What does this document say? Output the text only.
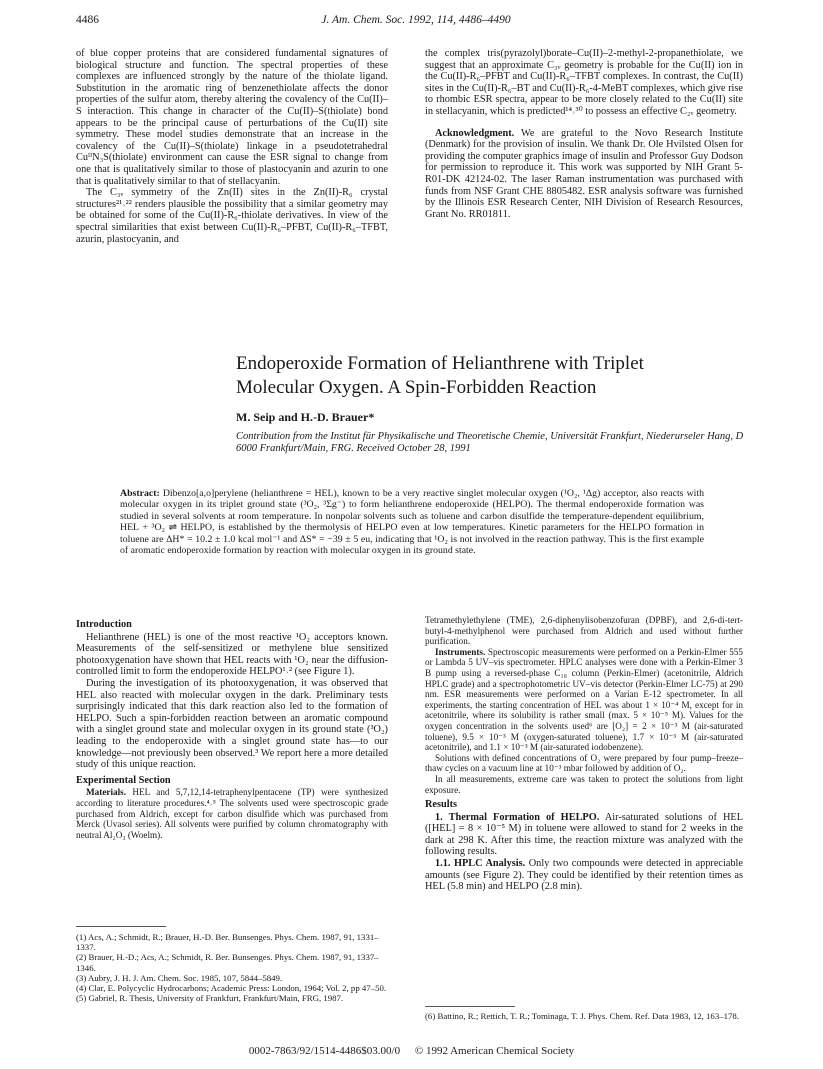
4486	J. Am. Chem. Soc. 1992, 114, 4486–4490

of blue copper proteins that are considered fundamental signatures of biological structure and function. The spectral properties of these complexes are influenced strongly by the nature of the thiolate ligand. Substitution in the aromatic ring of benzenethiolate affects the donor properties of the sulfur atom, thereby altering the covalency of the Cu(II)–S interaction. This change in character of the Cu(II)–S(thiolate) bond appears to be the principal cause of perturbations of the Cu(II) site symmetry. These model studies demonstrate that an increase in the covalency of the Cu(II)–S(thiolate) linkage in a pseudotetrahedral CuᴵᴵN₃S(thiolate) environment can cause the ESR signal to change from one that is qualitatively similar to those of plastocyanin and azurin to one that is qualitatively similar to that of stellacyanin.

The C₃ᵥ symmetry of the Zn(II) sites in the Zn(II)-R₆ crystal structures²¹˒²² renders plausible the possibility that a similar geometry may be obtained for some of the Cu(II)-R₆-thiolate derivatives. In view of the spectral similarities that exist between Cu(II)-R₆–PFBT, Cu(II)-R₆–TFBT, azurin, plastocyanin, and

the complex tris(pyrazolyl)borate–Cu(II)–2-methyl-2-propanethiolate, we suggest that an approximate C₃ᵥ geometry is probable for the Cu(II) ion in the Cu(II)-R₆–PFBT and Cu(II)-R₆–TFBT complexes. In contrast, the Cu(II) sites in the Cu(II)-R₆–BT and Cu(II)-R₆-4-MeBT complexes, which give rise to rhombic ESR spectra, appear to be more closely related to the Cu(II) site in stellacyanin, which is predicted¹⁴˒³⁰ to possess an effective C₂ᵥ geometry.

Acknowledgment. We are grateful to the Novo Research Institute (Denmark) for the provision of insulin. We thank Dr. Ole Hvilsted Olsen for providing the computer graphics image of insulin and Professor Guy Dodson for permission to reproduce it. This work was supported by NIH Grant 5-R01-DK 42124-02. The laser Raman instrumentation was purchased with funds from NSF Grant CHE 8805482. ESR analysis software was furnished by the Illinois ESR Research Center, NIH Division of Research Resources, Grant No. RR01811.

Endoperoxide Formation of Helianthrene with Triplet
Molecular Oxygen. A Spin-Forbidden Reaction
M. Seip and H.-D. Brauer*
Contribution from the Institut für Physikalische und Theoretische Chemie, Universität Frankfurt, Niederurseler Hang, D 6000 Frankfurt/Main, FRG. Received October 28, 1991
Abstract: Dibenzo[a,o]perylene (helianthrene = HEL), known to be a very reactive singlet molecular oxygen (¹O₂, ¹Δg) acceptor, also reacts with molecular oxygen in its triplet ground state (³O₂, ³Σg⁻) to form helianthrene endoperoxide (HELPO). The thermal endoperoxide formation was studied in several solvents at room temperature. In nonpolar solvents such as toluene and carbon disulfide the temperature-dependent equilibrium, HEL + ³O₂ ⇌ HELPO, is established by the thermolysis of HELPO even at low temperatures. Kinetic parameters for the HELPO formation in toluene are ΔH* = 10.2 ± 1.0 kcal mol⁻¹ and ΔS* = −39 ± 5 eu, indicating that ¹O₂ is not involved in the reaction pathway. This is the first example of aromatic endoperoxide formation by reaction with molecular oxygen in its ground state.
Introduction

Helianthrene (HEL) is one of the most reactive ¹O₂ acceptors known. Measurements of the self-sensitized or methylene blue sensitized photooxygenation have shown that HEL reacts with ¹O₂ near the diffusion-controlled limit to form the endoperoxide HELPO¹˒² (see Figure 1).

During the investigation of its photooxygenation, it was observed that HEL also reacted with molecular oxygen in the dark. Preliminary tests surprisingly indicated that this dark reaction also led to the formation of HELPO. Such a spin-forbidden reaction between an aromatic compound with a singlet ground state and molecular oxygen in its ground state (³O₂) leading to the endoperoxide with a singlet ground state has—to our knowledge—not previously been observed.³ We report here a more detailed study of this unique reaction.

Experimental Section

Materials. HEL and 5,7,12,14-tetraphenylpentacene (TP) were synthesized according to literature procedures.⁴˒⁵ The solvents used were spectroscopic grade purchased from Aldrich, except for carbon disulfide which was purchased from Merck (Uvasol series). All solvents were purified by column chromatography with neutral Al₂O₃ (Woelm).

Tetramethylethylene (TME), 2,6-diphenylisobenzofuran (DPBF), and 2,6-di-tert-butyl-4-methylphenol were purchased from Aldrich and used without further purification.

Instruments. Spectroscopic measurements were performed on a Perkin-Elmer 555 or Lambda 5 UV–vis spectrometer. HPLC analyses were done with a Perkin-Elmer 3 B pump using a reversed-phase C₁₈ column (Perkin-Elmer) (acetonitrile, Aldrich HPLC grade) and a spectrophotometric UV–vis detector (Perkin-Elmer LC-75) at 290 nm. ESR measurements were performed on a Varian E-12 spectrometer. In all experiments, the starting concentration of HEL was about 1 × 10⁻⁴ M, except for in acetonitrile, where its solubility is rather small (max. 5 × 10⁻⁵ M). Values for the oxygen concentration in the solvents used⁶ are [O₂] = 2 × 10⁻³ M (air-saturated toluene), 9.5 × 10⁻³ M (oxygen-saturated toluene), 1.7 × 10⁻³ M (air-saturated acetonitrile), and 1.1 × 10⁻³ M (air-saturated iodobenzene).

Solutions with defined concentrations of O₂ were prepared by four pump–freeze–thaw cycles on a vacuum line at 10⁻³ mbar followed by addition of O₂.

In all measurements, extreme care was taken to protect the solutions from light exposure.

Results

1. Thermal Formation of HELPO. Air-saturated solutions of HEL ([HEL] = 8 × 10⁻⁵ M) in toluene were allowed to stand for 2 weeks in the dark at 298 K. After this time, the reaction mixture was analyzed with the following results.

1.1. HPLC Analysis. Only two compounds were detected in appreciable amounts (see Figure 2). They could be identified by their retention times as HEL (5.8 min) and HELPO (2.8 min).

(1) Acs, A.; Schmidt, R.; Brauer, H.-D. Ber. Bunsenges. Phys. Chem. 1987, 91, 1331–1337.
(2) Brauer, H.-D.; Acs, A.; Schmidt, R. Ber. Bunsenges. Phys. Chem. 1987, 91, 1337–1346.
(3) Aubry, J. H. J. Am. Chem. Soc. 1985, 107, 5844–5849.
(4) Clar, E. Polycyclic Hydrocarbons; Academic Press: London, 1964; Vol. 2, pp 47–50.
(5) Gabriel, R. Thesis, University of Frankfurt, Frankfurt/Main, FRG, 1987.
(6) Battino, R.; Rettich, T. R.; Tominaga, T. J. Phys. Chem. Ref. Data 1983, 12, 163–178.
0002-7863/92/1514-4486$03.00/0 © 1992 American Chemical Society
